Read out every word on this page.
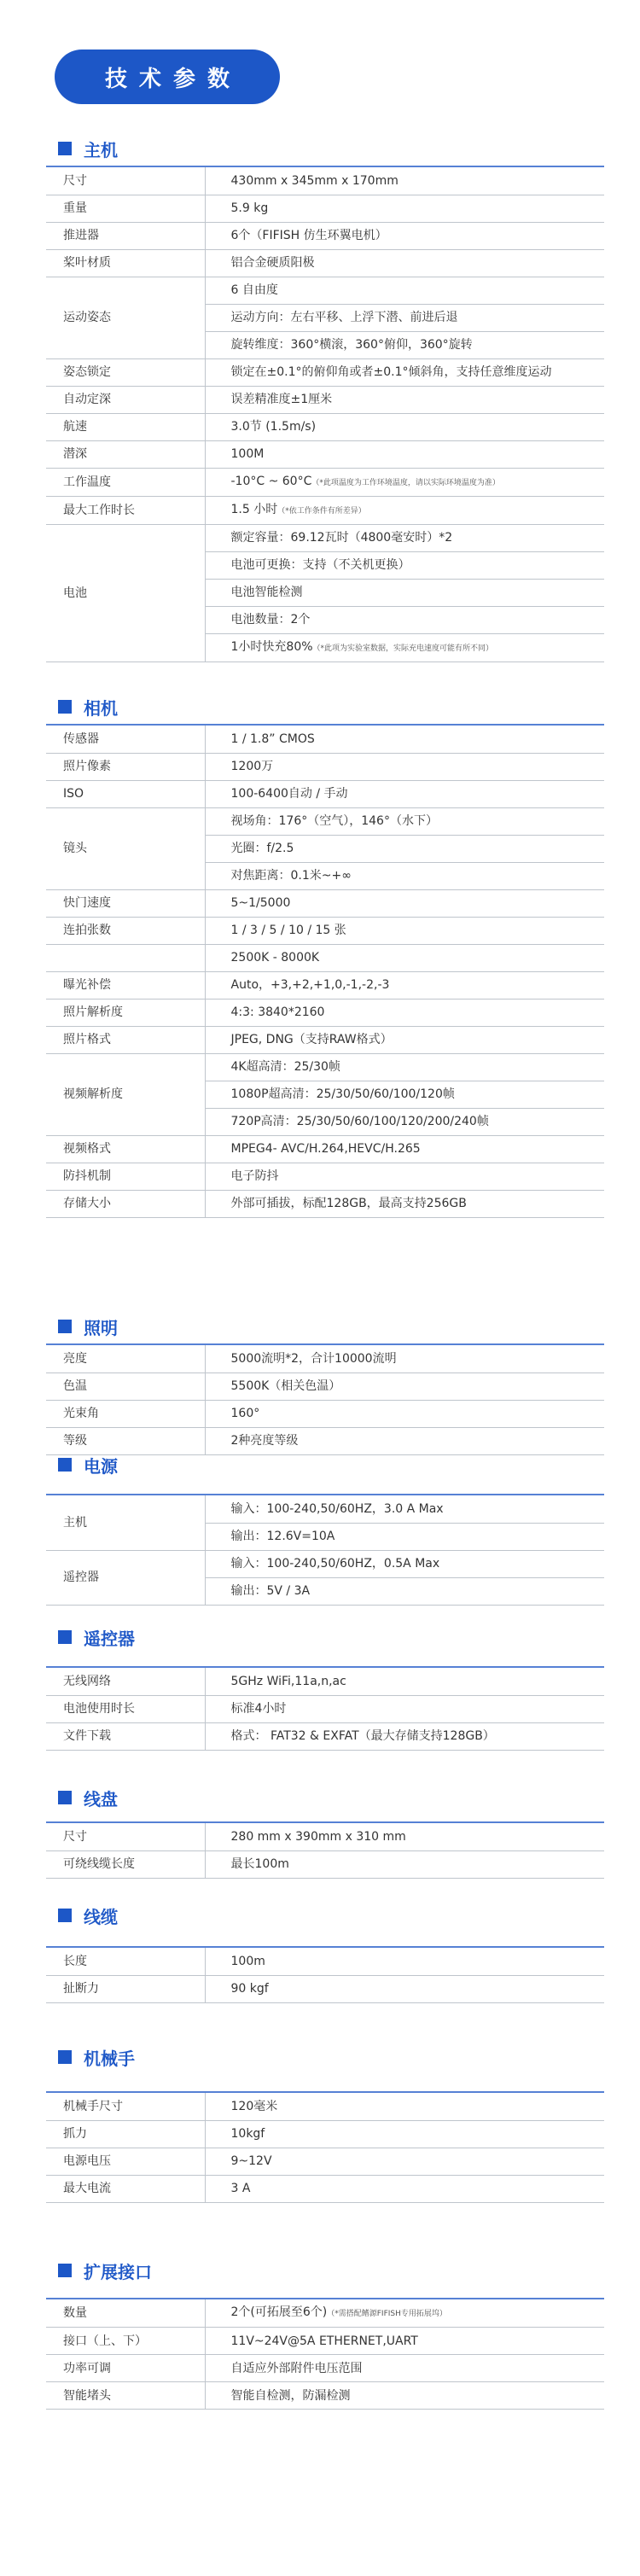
技术参数
主机
尺寸	430mm x 345mm x 170mm
重量	5.9 kg
推进器	6个（FIFISH 仿生环翼电机）
桨叶材质	铝合金硬质阳极
运动姿态	6 自由度
	运动方向：左右平移、上浮下潜、前进后退
	旋转维度：360°横滚，360°俯仰，360°旋转
姿态锁定	锁定在±0.1°的俯仰角或者±0.1°倾斜角，支持任意维度运动
自动定深	误差精准度±1厘米
航速	3.0节 (1.5m/s)
潜深	100M
工作温度	-10°C ~ 60°C（*此项温度为工作环境温度，请以实际环境温度为准）
最大工作时长	1.5 小时（*依工作条件有所差异）
电池	额定容量：69.12瓦时（4800毫安时）*2
	电池可更换：支持（不关机更换）
	电池智能检测
	电池数量：2个
	1小时快充80%（*此项为实验室数据，实际充电速度可能有所不同）
相机
传感器	1 / 1.8” CMOS
照片像素	1200万
ISO	100-6400自动 / 手动
镜头	视场角：176°（空气），146°（水下）
	光圈：f/2.5
	对焦距离：0.1米~+∞
快门速度	5~1/5000
连拍张数	1 / 3 / 5 / 10 / 15 张
	2500K - 8000K
曝光补偿	Auto，+3,+2,+1,0,-1,-2,-3
照片解析度	4:3: 3840*2160
照片格式	JPEG, DNG（支持RAW格式）
视频解析度	4K超高清：25/30帧
	1080P超高清：25/30/50/60/100/120帧
	720P高清：25/30/50/60/100/120/200/240帧
视频格式	MPEG4- AVC/H.264,HEVC/H.265
防抖机制	电子防抖
存储大小	外部可插拔，标配128GB，最高支持256GB
照明
亮度	5000流明*2，合计10000流明
色温	5500K（相关色温）
光束角	160°
等级	2种亮度等级
电源
主机	输入：100-240,50/60HZ，3.0 A Max
	输出：12.6V=10A
遥控器	输入：100-240,50/60HZ，0.5A Max
	输出：5V / 3A
遥控器
无线网络	5GHz WiFi,11a,n,ac
电池使用时长	标准4小时
文件下载	格式： FAT32 & EXFAT（最大存储支持128GB）
线盘
尺寸	280 mm x 390mm x 310 mm
可绕线缆长度	最长100m
线缆
长度	100m
扯断力	90 kgf
机械手
机械手尺寸	120毫米
抓力	10kgf
电源电压	9~12V
最大电流	3 A
扩展接口
数量	2个(可拓展至6个)（*需搭配鳍源FIFISH专用拓展坞）
接口（上、下）	11V~24V@5A ETHERNET,UART
功率可调	自适应外部附件电压范围
智能堵头	智能自检测，防漏检测
